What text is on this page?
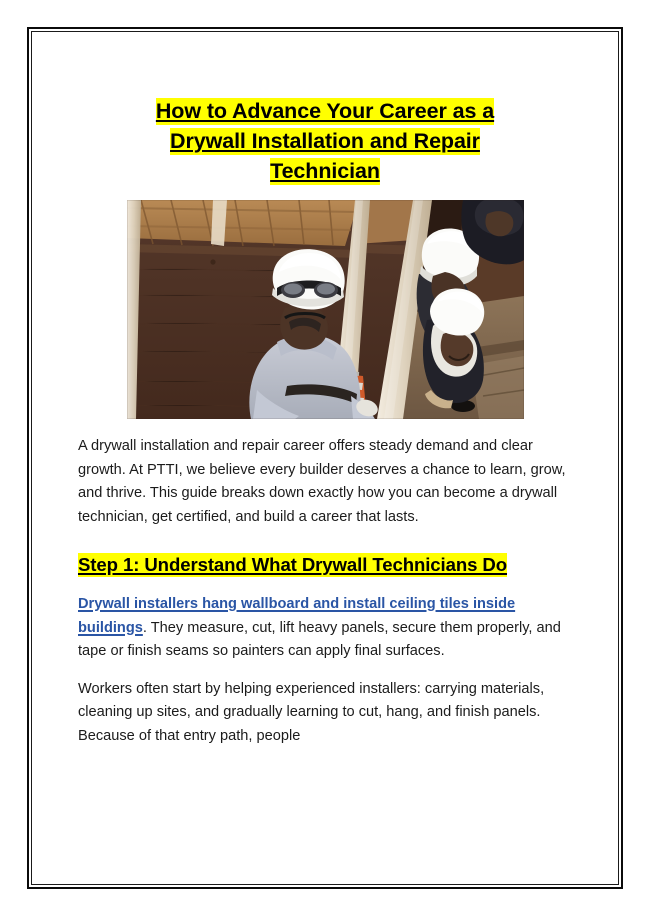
How to Advance Your Career as a
Drywall Installation and Repair
Technician

A drywall installation and repair career offers steady demand and clear growth. At PTTI, we believe every builder deserves a chance to learn, grow, and thrive. This guide breaks down exactly how you can become a drywall technician, get certified, and build a career that lasts.

Step 1: Understand What Drywall Technicians Do

Drywall installers hang wallboard and install ceiling tiles inside buildings. They measure, cut, lift heavy panels, secure them properly, and tape or finish seams so painters can apply final surfaces.

Workers often start by helping experienced installers: carrying materials, cleaning up sites, and gradually learning to cut, hang, and finish panels. Because of that entry path, people
